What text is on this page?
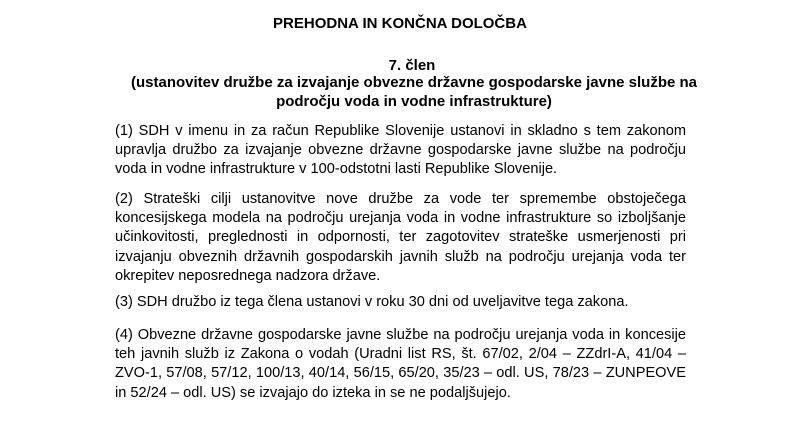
PREHODNA IN KONČNA DOLOČBA
7. člen
(ustanovitev družbe za izvajanje obvezne državne gospodarske javne službe na
področju voda in vodne infrastrukture)

(1) SDH v imenu in za račun Republike Slovenije ustanovi in skladno s tem zakonom upravlja družbo za izvajanje obvezne državne gospodarske javne službe na področju voda in vodne infrastrukture v 100-odstotni lasti Republike Slovenije.

(2) Strateški cilji ustanovitve nove družbe za vode ter spremembe obstoječega koncesijskega modela na področju urejanja voda in vodne infrastrukture so izboljšanje učinkovitosti, preglednosti in odpornosti, ter zagotovitev strateške usmerjenosti pri izvajanju obveznih državnih gospodarskih javnih služb na področju urejanja voda ter okrepitev neposrednega nadzora države.

(3) SDH družbo iz tega člena ustanovi v roku 30 dni od uveljavitve tega zakona.

(4) Obvezne državne gospodarske javne službe na področju urejanja voda in koncesije teh javnih služb iz Zakona o vodah (Uradni list RS, št. 67/02, 2/04 – ZZdrI-A, 41/04 – ZVO-1, 57/08, 57/12, 100/13, 40/14, 56/15, 65/20, 35/23 – odl. US, 78/23 – ZUNPEOVE in 52/24 – odl. US) se izvajajo do izteka in se ne podaljšujejo.
